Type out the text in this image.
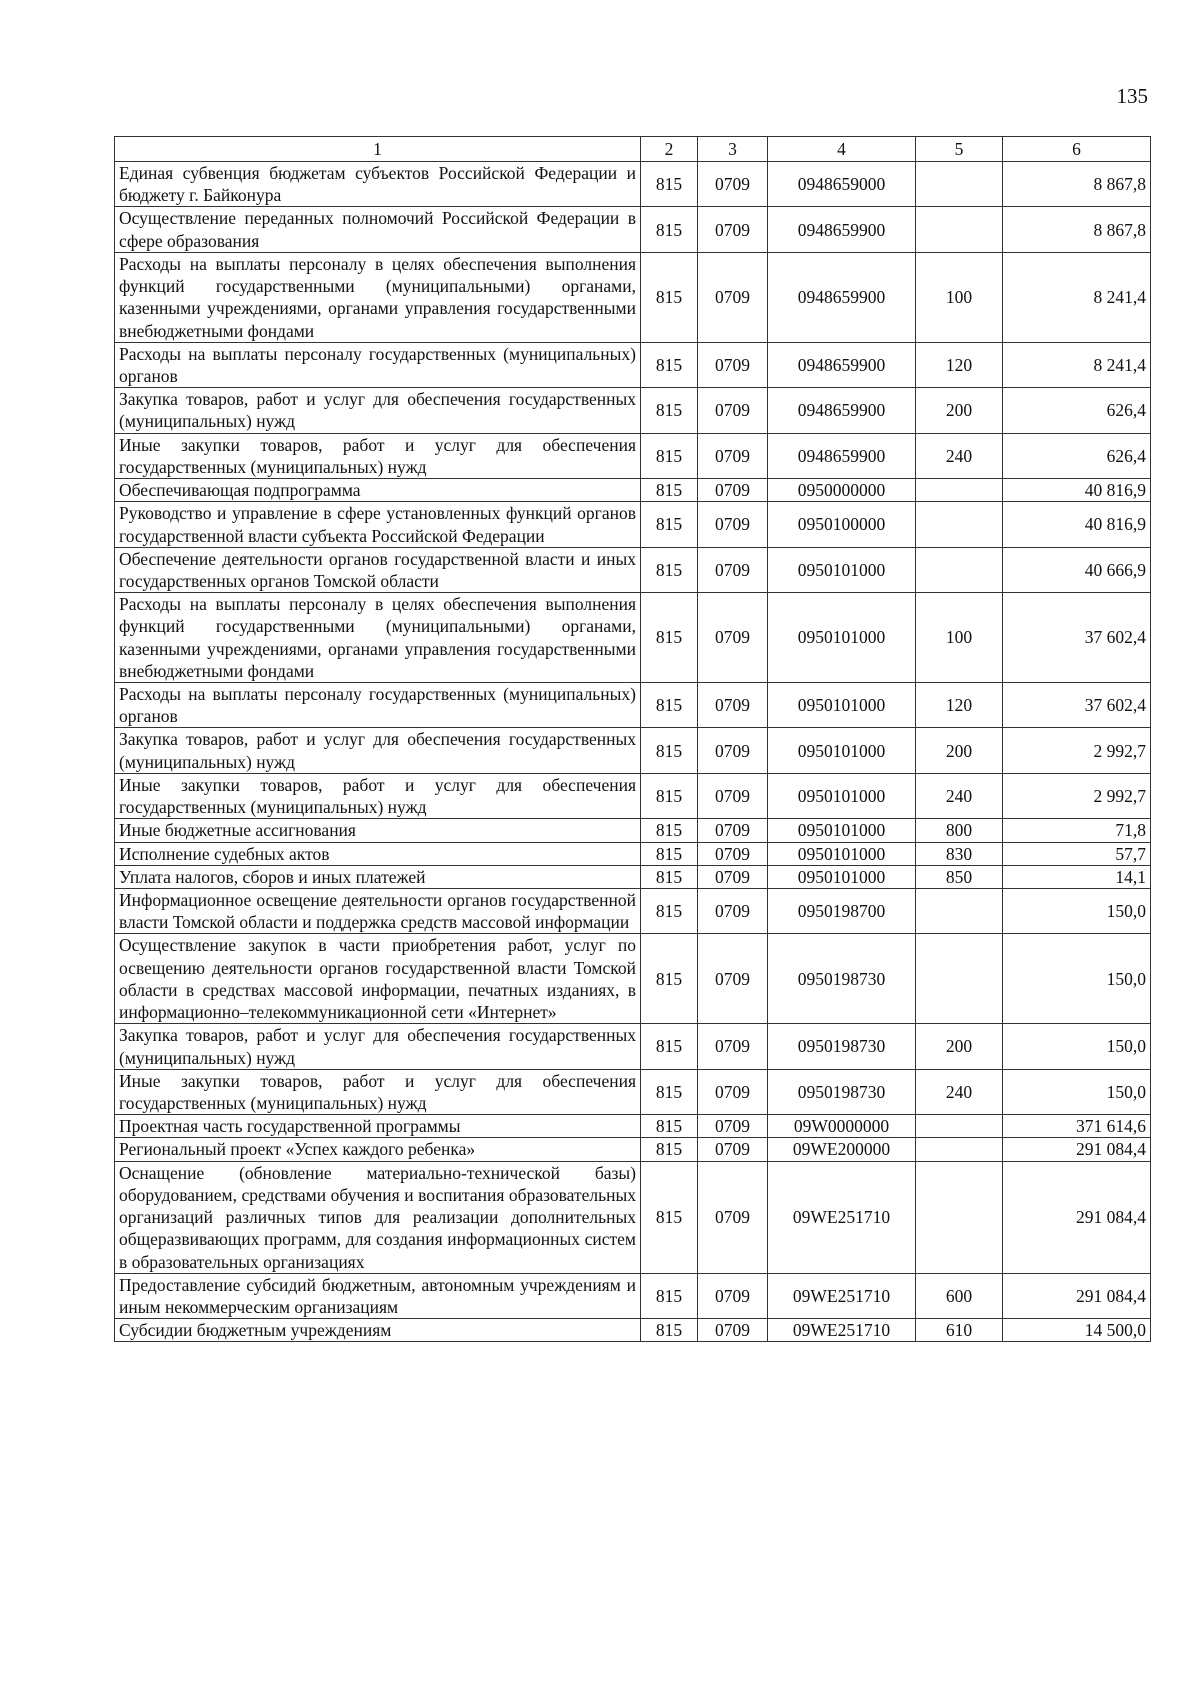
135
1	2	3	4	5	6
Единая субвенция бюджетам субъектов Российской Федерации и бюджету г. Байконура	815	0709	0948659000		8 867,8
Осуществление переданных полномочий Российской Федерации в сфере образования	815	0709	0948659900		8 867,8
Расходы на выплаты персоналу в целях обеспечения выполнения функций государственными (муниципальными) органами, казенными учреждениями, органами управления государственными внебюджетными фондами	815	0709	0948659900	100	8 241,4
Расходы на выплаты персоналу государственных (муниципальных) органов	815	0709	0948659900	120	8 241,4
Закупка товаров, работ и услуг для обеспечения государственных (муниципальных) нужд	815	0709	0948659900	200	626,4
Иные закупки товаров, работ и услуг для обеспечения государственных (муниципальных) нужд	815	0709	0948659900	240	626,4
Обеспечивающая подпрограмма	815	0709	0950000000		40 816,9
Руководство и управление в сфере установленных функций органов государственной власти субъекта Российской Федерации	815	0709	0950100000		40 816,9
Обеспечение деятельности органов государственной власти и иных государственных органов Томской области	815	0709	0950101000		40 666,9
Расходы на выплаты персоналу в целях обеспечения выполнения функций государственными (муниципальными) органами, казенными учреждениями, органами управления государственными внебюджетными фондами	815	0709	0950101000	100	37 602,4
Расходы на выплаты персоналу государственных (муниципальных) органов	815	0709	0950101000	120	37 602,4
Закупка товаров, работ и услуг для обеспечения государственных (муниципальных) нужд	815	0709	0950101000	200	2 992,7
Иные закупки товаров, работ и услуг для обеспечения государственных (муниципальных) нужд	815	0709	0950101000	240	2 992,7
Иные бюджетные ассигнования	815	0709	0950101000	800	71,8
Исполнение судебных актов	815	0709	0950101000	830	57,7
Уплата налогов, сборов и иных платежей	815	0709	0950101000	850	14,1
Информационное освещение деятельности органов государственной власти Томской области и поддержка средств массовой информации	815	0709	0950198700		150,0
Осуществление закупок в части приобретения работ, услуг по освещению деятельности органов государственной власти Томской области в средствах массовой информации, печатных изданиях, в информационно–телекоммуникационной сети «Интернет»	815	0709	0950198730		150,0
Закупка товаров, работ и услуг для обеспечения государственных (муниципальных) нужд	815	0709	0950198730	200	150,0
Иные закупки товаров, работ и услуг для обеспечения государственных (муниципальных) нужд	815	0709	0950198730	240	150,0
Проектная часть государственной программы	815	0709	09W0000000		371 614,6
Региональный проект «Успех каждого ребенка»	815	0709	09WE200000		291 084,4
Оснащение (обновление материально-технической базы) оборудованием, средствами обучения и воспитания образовательных организаций различных типов для реализации дополнительных общеразвивающих программ, для создания информационных систем в образовательных организациях	815	0709	09WE251710		291 084,4
Предоставление субсидий бюджетным, автономным учреждениям и иным некоммерческим организациям	815	0709	09WE251710	600	291 084,4
Субсидии бюджетным учреждениям	815	0709	09WE251710	610	14 500,0
